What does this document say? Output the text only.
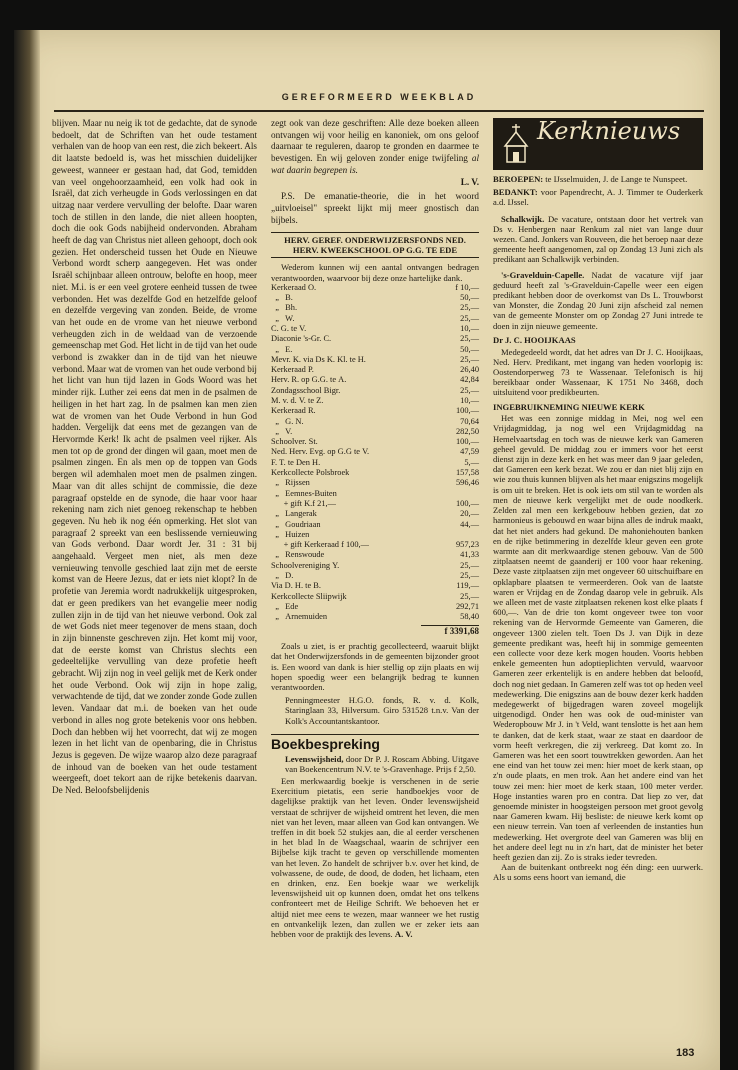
GEREFORMEERD WEEKBLAD

blijven. Maar nu neig ik tot de gedachte, dat de synode bedoelt, dat de Schriften van het oude testament verhalen van de hoop van een rest, die zich bekeert. Als dit laatste bedoeld is, was het misschien duidelijker geweest, wanneer er gestaan had, dat God, temidden van veel ongehoorzaamheid, een volk had ook in Israël, dat zich verheugde in Gods verlossingen en dat uitzag naar verdere vervulling der belofte. Daar waren toch de stillen in den lande, die niet alleen hoopten, doch die ook Gods nabijheid ondervonden. Abraham heeft de dag van Christus niet alleen gehoopt, doch ook gezien. Het onderscheid tussen het Oude en Nieuwe Verbond wordt scherp aangegeven. Het was onder Israël schijnbaar alleen ontrouw, belofte en hoop, meer niet. M.i. is er een veel grotere eenheid tussen de twee verbonden. Het was dezelfde God en hetzelfde geloof en dezelfde vergeving van zonden. Beide, de vrome van het oude en de vrome van het nieuwe verbond verheugden zich in de weldaad van de verzoende gemeenschap met God. Het licht in de tijd van het oude verbond is zwakker dan in de tijd van het nieuwe verbond. Maar wat de vromen van het oude verbond bij het licht van hun tijd lazen in Gods Woord was het minder rijk. Luther zei eens dat men in de psalmen de heiligen in het hart zag. In de psalmen kan men zien wat de vromen van het Oude Verbond in hun God hadden. Vergelijk dat eens met de gezangen van de Hervormde Kerk! Ik acht de psalmen veel rijker. Als men tot op de grond der dingen wil gaan, moet men de psalmen zingen. En als men op de toppen van Gods bergen wil ademhalen moet men de psalmen zingen. Maar van dit alles schijnt de commissie, die deze paragraaf opstelde en de synode, die haar voor haar rekening nam zich niet genoeg rekenschap te hebben gegeven. Nu heb ik nog één opmerking. Het slot van paragraaf 2 spreekt van een beslissende vernieuwing van Gods verbond. Daar wordt Jer. 31 : 31 bij aangehaald. Vergeet men niet, als men deze vernieuwing tenvolle geschied laat zijn met de eerste komst van de Heere Jezus, dat er iets niet klopt? In de profetie van Jeremia wordt nadrukkelijk uitgesproken, dat er geen predikers van het evangelie meer nodig zullen zijn in de tijd van het nieuwe verbond. Ook zal de wet Gods niet meer tegenover de mens staan, doch in zijn binnenste geschreven zijn. Het komt mij voor, dat de eerste komst van Christus slechts een gedeeltelijke vervulling van deze profetie heeft gebracht. Wij zijn nog in veel gelijk met de Kerk onder het oude Verbond. Ook wij zijn in hope zalig, verwachtende de tijd, dat we zonder zonde Gode zullen leven. Vandaar dat m.i. de boeken van het oude verbond in alles nog grote betekenis voor ons hebben. Doch dan hebben wij het voorrecht, dat wij ze mogen lezen in het licht van de openbaring, die in Christus Jezus is gegeven. De wijze waarop alzo deze paragraaf de inhoud van de boeken van het oude testament weergeeft, doet tekort aan de rijke betekenis daarvan. De Ned. Beloofsbelijdenis

zegt ook van deze geschriften: Alle deze boeken alleen ontvangen wij voor heilig en kanoniek, om ons geloof daarnaar te reguleren, daarop te gronden en daarmee te bevestigen. En wij geloven zonder enige twijfeling al wat daarin begrepen is.

L. V.

P.S. De emanatie-theorie, die in het woord „uitvloeisel" spreekt lijkt mij meer gnostisch dan bijbels.

HERV. GEREF. ONDERWIJZERSFONDS NED. HERV. KWEEKSCHOOL OP G.G. TE EDE

Wederom kunnen wij een aantal ontvangen bedragen verantwoorden, waarvoor bij deze onze hartelijke dank.

Kerkeraad O.	f 10,—
„   B.	50,—
„   Bh.	25,—
„   W.	25,—
C. G. te V.	10,—
Diaconie 's-Gr. C.	25,—
„   E.	50,—
Mevr. K. via Ds K. Kl. te H.	25,—
Kerkeraad P.	26,40
Herv. R. op G.G. te A.	42,84
Zondagsschool Bigr.	25,—
M. v. d. V. te Z.	10,—
Kerkeraad R.	100,—
„   G. N.	70,64
„   V.	282,50
Schoolver. St.	100,—
Ned. Herv. Evg. op G.G te V.	47,59
F. T. te Den H.	5,—
Kerkcollecte Polsbroek	157,58
„   Rijssen	596,46
„   Eemnes-Buiten
+ gift K.f 21,—	100,—
„   Langerak	20,—
„   Goudriaan	44,—
„   Huizen
+ gift Kerkeraad f 100,—	957,23
„   Renswoude	41,33
Schoolvereniging Y.	25,—
„   D.	25,—
Via D. H. te B.	119,—
Kerkcollecte Sliipwijk	25,—
„   Ede	292,71
„   Arnemuiden	58,40
f 3391,68

Zoals u ziet, is er prachtig gecollecteerd, waaruit blijkt dat het Onderwijzersfonds in de gemeenten bijzonder groot is. Een woord van dank is hier stellig op zijn plaats en wij hopen spoedig weer een belangrijk bedrag te kunnen verantwoorden.

Penningmeester H.G.O. fonds, R. v. d. Kolk, Staringlaan 33, Hilversum. Giro 531528 t.n.v. Van der Kolk's Accountantskantoor.

Boekbespreking

Levenswijsheid, door Dr P. J. Roscam Abbing. Uitgave van Boekencentrum N.V. te 's-Gravenhage. Prijs f 2,50.

Een merkwaardig boekje is verschenen in de serie Exercitium pietatis, een serie handboekjes voor de dagelijkse praktijk van het leven. Onder levenswijsheid verstaat de schrijver de wijsheid omtrent het leven, die men niet van het leven, maar alleen van God kan ontvangen. We treffen in dit boek 52 stukjes aan, die al eerder verschenen in het blad In de Waagschaal, waarin de schrijver een Bijbelse kijk tracht te geven op verschillende momenten van het leven. Zo handelt de schrijver b.v. over het kind, de volwassene, de oude, de dood, de doden, het lichaam, eten en drinken, enz. Een boekje waar we werkelijk levenswijsheid uit op kunnen doen, omdat het ons telkens confronteert met de Heilige Schrift. We behoeven het er altijd niet mee eens te wezen, maar wanneer we het rustig en ontvankelijk lezen, dan zullen we er zeker iets aan hebben voor de praktijk des levens. A. V.

Kerknieuws

BEROEPEN: te IJsselmuiden, J. de Lange te Nunspeet.

BEDANKT: voor Papendrecht, A. J. Timmer te Ouderkerk a.d. IJssel.

Schalkwijk. De vacature, ontstaan door het vertrek van Ds v. Henbergen naar Renkum zal niet van lange duur wezen. Cand. Jonkers van Rouveen, die het beroep naar deze gemeente heeft aangenomen, zal op Zondag 13 Juni zich als predikant aan Schalkwijk verbinden.

's-Gravelduin-Capelle. Nadat de vacature vijf jaar geduurd heeft zal 's-Gravelduin-Capelle weer een eigen predikant hebben door de overkomst van Ds L. Trouwborst van Monster, die Zondag 20 Juni zijn afscheid zal nemen van de gemeente Monster om op Zondag 27 Juni intrede te doen in zijn nieuwe gemeente.

Dr J. C. HOOIJKAAS

Medegedeeld wordt, dat het adres van Dr J. C. Hooijkaas, Ned. Herv. Predikant, met ingang van heden voorlopig is: Oostendorperweg 73 te Wassenaar. Telefonisch is hij bereikbaar onder Wassenaar, K 1751 No 3468, doch uitsluitend voor predikbeurten.

INGEBRUIKNEMING NIEUWE KERK

Het was een zonnige middag in Mei, nog wel een Vrijdagmiddag, ja nog wel een Vrijdagmiddag na Hemelvaartsdag en toch was de nieuwe kerk van Gameren geheel gevuld. De middag zou er immers voor het eerst dienst zijn in deze kerk en het was meer dan 9 jaar geleden, dat Gameren een kerk bezat. We zou er dan niet blij zijn en wie zou thuis kunnen blijven als het maar enigszins mogelijk is om uit te breken. Het is ook iets om stil van te worden als men de nieuwe kerk vergelijkt met de oude noodkerk. Zelden zal men een kerkgebouw hebben gezien, dat zo harmonieus is gebouwd en waar bijna alles de indruk maakt, dat het niet anders had gekund. De mahoniehouten banken en de rijke betimmering in dezelfde kleur geven een grote warmte aan dit merkwaardige stenen gebouw. Van de 500 zitplaatsen neemt de gaanderij er 100 voor haar rekening. Deze vaste zitplaatsen zijn met ongeveer 60 uitschuifbare en opklapbare plaatsen te vermeerderen. Ook van de laatste waren er Vrijdag en de Zondag daarop vele in gebruik. Als we alleen met de vaste zitplaatsen rekenen kost elke plaats f 600,—. Van de drie ton komt ongeveer twee ton voor rekening van de Hervormde Gemeente van Gameren, die ongeveer 1300 zielen telt. Toen Ds J. van Dijk in deze gemeente predikant was, heeft hij in sommige gemeenten een collecte voor deze kerk mogen houden. Voorts hebben enkele gemeenten hun adoptieplichten vervuld, waarvoor Gameren zeer erkentelijk is en andere hebben dat beloofd, doch nog niet gedaan. In Gameren zelf was tot op heden veel medewerking. Die enigszins aan de bouw dezer kerk hadden medegewerkt of bijgedragen waren zoveel mogelijk uitgenodigd. Onder hen was ook de oud-minister van Wederopbouw Mr J. in 't Veld, want tenslotte is het aan hem te danken, dat de kerk staat, waar ze staat en daardoor de vorm heeft verkregen, die zij verkreeg. Dat komt zo. In Gameren was het een soort touwtrekken geworden. Aan het ene eind van het touw zei men: hier moet de kerk staan, op z'n oude plaats, en men trok. Aan het andere eind van het touw zei men: hier moet de kerk staan, 100 meter verder. Hoge instanties waren pro en contra. Dat liep zo ver, dat genoemde minister in hoogsteigen persoon met groot gevolg naar Gameren kwam. Hij besliste: de nieuwe kerk komt op een nieuw terrein. Van toen af verleenden de instanties hun medewerking. Het overgrote deel van Gameren was blij en het andere deel legt nu in z'n hart, dat de minister het beter heeft gezien dan zij. Zo is straks ieder tevreden.

Aan de buitenkant ontbreekt nog één ding: een uurwerk. Als u soms eens hoort van iemand, die

183
